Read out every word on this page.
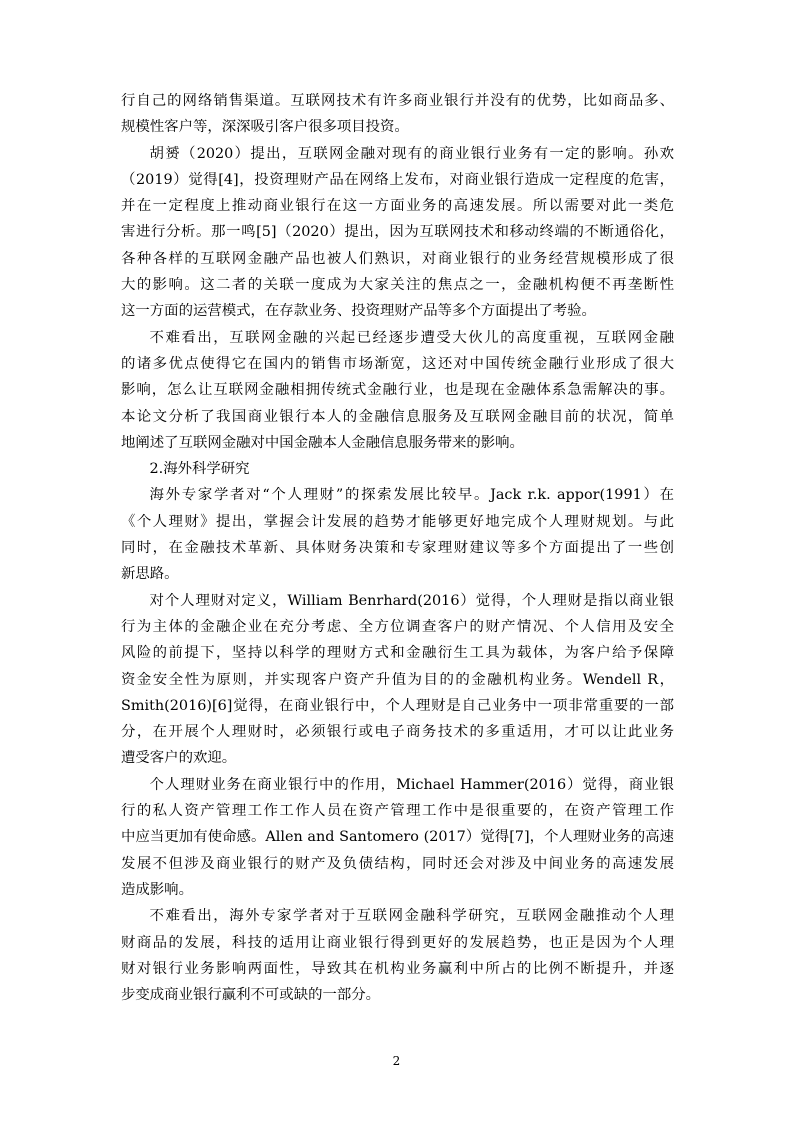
行自己的网络销售渠道。互联网技术有许多商业银行并没有的优势，比如商品多、
规模性客户等，深深吸引客户很多项目投资。
胡赟（2020）提出，互联网金融对现有的商业银行业务有一定的影响。孙欢
（2019）觉得[4]，投资理财产品在网络上发布，对商业银行造成一定程度的危害，
并在一定程度上推动商业银行在这一方面业务的高速发展。所以需要对此一类危
害进行分析。那一鸣[5]（2020）提出，因为互联网技术和移动终端的不断通俗化，
各种各样的互联网金融产品也被人们熟识，对商业银行的业务经营规模形成了很
大的影响。这二者的关联一度成为大家关注的焦点之一，金融机构便不再垄断性
这一方面的运营模式，在存款业务、投资理财产品等多个方面提出了考验。
不难看出，互联网金融的兴起已经逐步遭受大伙儿的高度重视，互联网金融
的诸多优点使得它在国内的销售市场渐宽，这还对中国传统金融行业形成了很大
影响，怎么让互联网金融相拥传统式金融行业，也是现在金融体系急需解决的事。
本论文分析了我国商业银行本人的金融信息服务及互联网金融目前的状况，简单
地阐述了互联网金融对中国金融本人金融信息服务带来的影响。
2.海外科学研究
海外专家学者对“个人理财”的探索发展比较早。Jack r.k. appor(1991）在
《个人理财》提出，掌握会计发展的趋势才能够更好地完成个人理财规划。与此
同时，在金融技术革新、具体财务决策和专家理财建议等多个方面提出了一些创
新思路。
对个人理财对定义，William Benrhard(2016）觉得，个人理财是指以商业银
行为主体的金融企业在充分考虑、全方位调查客户的财产情况、个人信用及安全
风险的前提下，坚持以科学的理财方式和金融衍生工具为载体，为客户给予保障
资金安全性为原则，并实现客户资产升值为目的的金融机构业务。Wendell R，
Smith(2016)[6]觉得，在商业银行中，个人理财是自己业务中一项非常重要的一部
分，在开展个人理财时，必须银行或电子商务技术的多重适用，才可以让此业务
遭受客户的欢迎。
个人理财业务在商业银行中的作用，Michael Hammer(2016）觉得，商业银
行的私人资产管理工作工作人员在资产管理工作中是很重要的，在资产管理工作
中应当更加有使命感。Allen and Santomero (2017）觉得[7]，个人理财业务的高速
发展不但涉及商业银行的财产及负债结构，同时还会对涉及中间业务的高速发展
造成影响。
不难看出，海外专家学者对于互联网金融科学研究，互联网金融推动个人理
财商品的发展，科技的适用让商业银行得到更好的发展趋势，也正是因为个人理
财对银行业务影响两面性，导致其在机构业务赢利中所占的比例不断提升，并逐
步变成商业银行赢利不可或缺的一部分。
2
